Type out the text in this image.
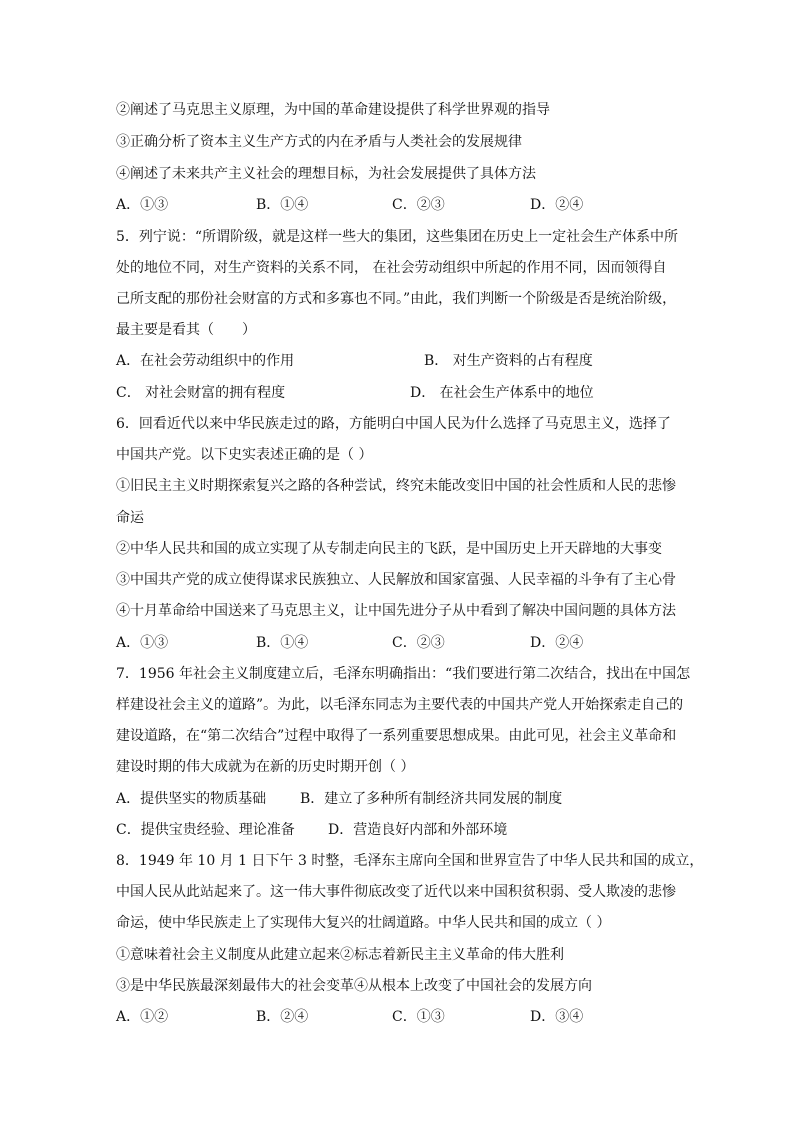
②阐述了马克思主义原理，为中国的革命建设提供了科学世界观的指导
③正确分析了资本主义生产方式的内在矛盾与人类社会的发展规律
④阐述了未来共产主义社会的理想目标，为社会发展提供了具体方法
A．①③	B．①④	C．②③	D．②④
5．列宁说：“所谓阶级，就是这样一些大的集团，这些集团在历史上一定社会生产体系中所
处的地位不同，对生产资料的关系不同， 在社会劳动组织中所起的作用不同，因而领得自
己所支配的那份社会财富的方式和多寡也不同。”由此，我们判断一个阶级是否是统治阶级，
最主要是看其（　　）
A．在社会劳动组织中的作用	B． 对生产资料的占有程度
C． 对社会财富的拥有程度	D． 在社会生产体系中的地位
6．回看近代以来中华民族走过的路，方能明白中国人民为什么选择了马克思主义，选择了
中国共产党。以下史实表述正确的是（ ）
①旧民主主义时期探索复兴之路的各种尝试，终究未能改变旧中国的社会性质和人民的悲惨
命运
②中华人民共和国的成立实现了从专制走向民主的飞跃，是中国历史上开天辟地的大事变
③中国共产党的成立使得谋求民族独立、人民解放和国家富强、人民幸福的斗争有了主心骨
④十月革命给中国送来了马克思主义，让中国先进分子从中看到了解决中国问题的具体方法
A．①③	B．①④	C．②③	D．②④
7．1956 年社会主义制度建立后，毛泽东明确指出：“我们要进行第二次结合，找出在中国怎
样建设社会主义的道路”。为此，以毛泽东同志为主要代表的中国共产党人开始探索走自己的
建设道路，在“第二次结合”过程中取得了一系列重要思想成果。由此可见，社会主义革命和
建设时期的伟大成就为在新的历史时期开创（ ）
A．提供坚实的物质基础 B．建立了多种所有制经济共同发展的制度
C．提供宝贵经验、理论准备 D．营造良好内部和外部环境
8．1949 年 10 月 1 日下午 3 时整，毛泽东主席向全国和世界宣告了中华人民共和国的成立，
中国人民从此站起来了。这一伟大事件彻底改变了近代以来中国积贫积弱、受人欺凌的悲惨
命运，使中华民族走上了实现伟大复兴的壮阔道路。中华人民共和国的成立（ ）
①意味着社会主义制度从此建立起来②标志着新民主主义革命的伟大胜利
③是中华民族最深刻最伟大的社会变革④从根本上改变了中国社会的发展方向
A．①②	B．②④	C．①③	D．③④
